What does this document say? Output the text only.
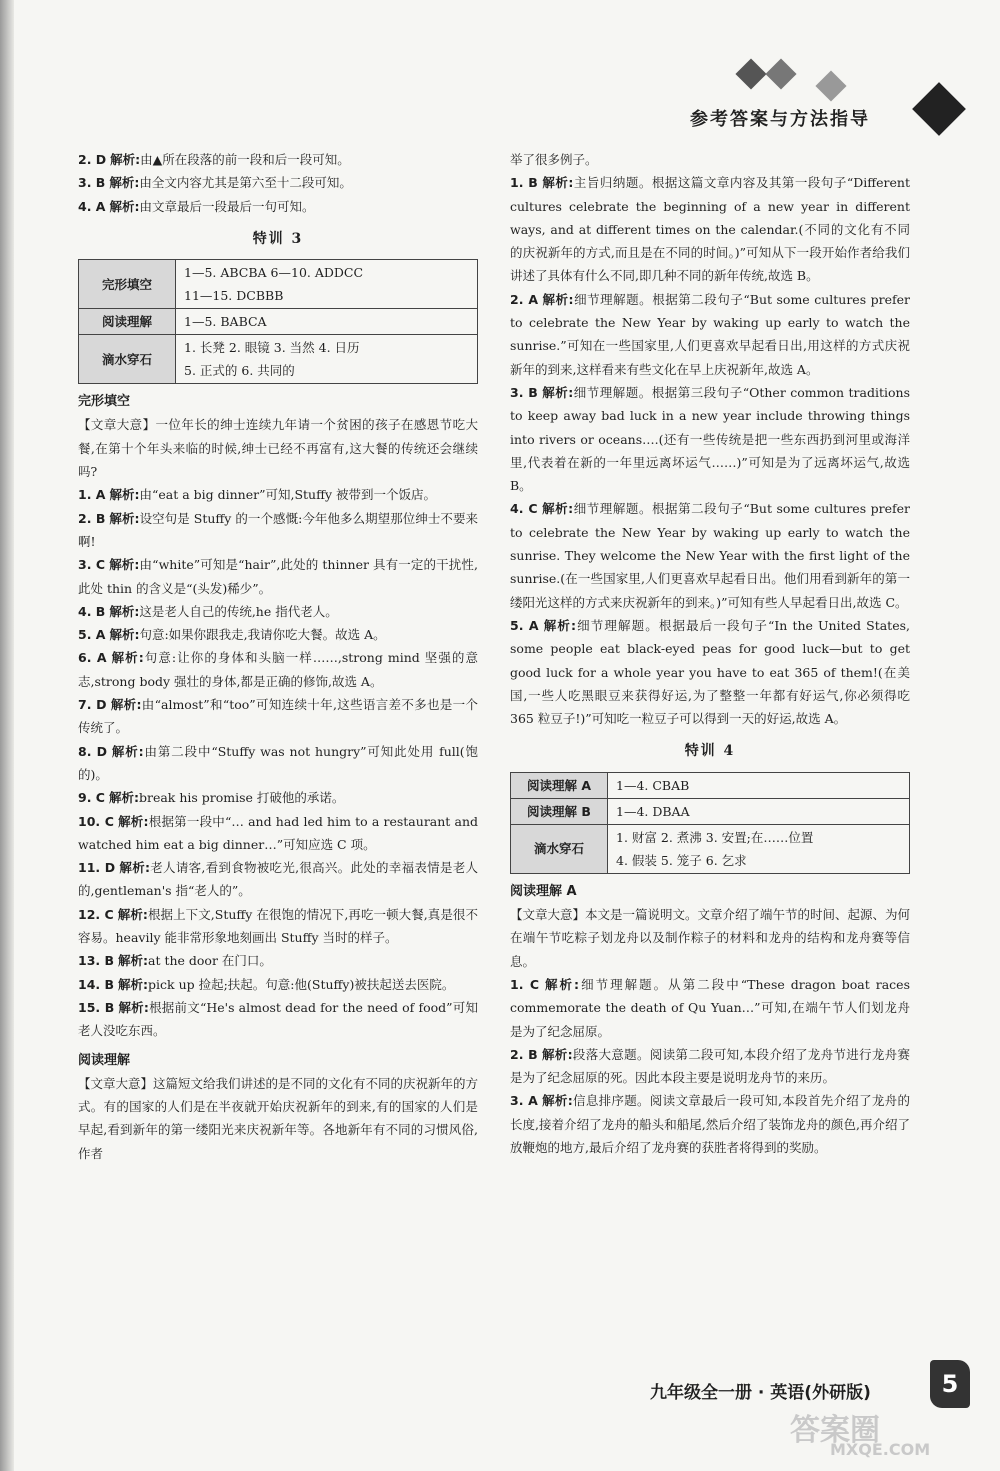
参考答案与方法指导
2. D 解析:由▲所在段落的前一段和后一段可知。
3. B 解析:由全文内容尤其是第六至十二段可知。
4. A 解析:由文章最后一段最后一句可知。
特训 3
完形填空	1—5. ABCBA 6—10. ADDCC
11—15. DCBBB
阅读理解	1—5. BABCA
滴水穿石	1. 长凳 2. 眼镜 3. 当然 4. 日历
5. 正式的 6. 共同的
完形填空
【文章大意】一位年长的绅士连续九年请一个贫困的孩子在感恩节吃大餐,在第十个年头来临的时候,绅士已经不再富有,这大餐的传统还会继续吗?
1. A 解析:由“eat a big dinner”可知,Stuffy 被带到一个饭店。
2. B 解析:设空句是 Stuffy 的一个感慨:今年他多么期望那位绅士不要来啊!
3. C 解析:由“white”可知是“hair”,此处的 thinner 具有一定的干扰性,此处 thin 的含义是“(头发)稀少”。
4. B 解析:这是老人自己的传统,he 指代老人。
5. A 解析:句意:如果你跟我走,我请你吃大餐。故选 A。
6. A 解析:句意:让你的身体和头脑一样……,strong mind 坚强的意志,strong body 强壮的身体,都是正确的修饰,故选 A。
7. D 解析:由“almost”和“too”可知连续十年,这些语言差不多也是一个传统了。
8. D 解析:由第二段中“Stuffy was not hungry”可知此处用 full(饱的)。
9. C 解析:break his promise 打破他的承诺。
10. C 解析:根据第一段中“… and had led him to a restaurant and watched him eat a big dinner…”可知应选 C 项。
11. D 解析:老人请客,看到食物被吃光,很高兴。此处的幸福表情是老人的,gentleman's 指“老人的”。
12. C 解析:根据上下文,Stuffy 在很饱的情况下,再吃一顿大餐,真是很不容易。heavily 能非常形象地刻画出 Stuffy 当时的样子。
13. B 解析:at the door 在门口。
14. B 解析:pick up 捡起;扶起。句意:他(Stuffy)被扶起送去医院。
15. B 解析:根据前文“He's almost dead for the need of food”可知老人没吃东西。
阅读理解
【文章大意】这篇短文给我们讲述的是不同的文化有不同的庆祝新年的方式。有的国家的人们是在半夜就开始庆祝新年的到来,有的国家的人们是早起,看到新年的第一缕阳光来庆祝新年等。各地新年有不同的习惯风俗,作者
举了很多例子。
1. B 解析:主旨归纳题。根据这篇文章内容及其第一段句子“Different cultures celebrate the beginning of a new year in different ways, and at different times on the calendar.(不同的文化有不同的庆祝新年的方式,而且是在不同的时间。)”可知从下一段开始作者给我们讲述了具体有什么不同,即几种不同的新年传统,故选 B。
2. A 解析:细节理解题。根据第二段句子“But some cultures prefer to celebrate the New Year by waking up early to watch the sunrise.”可知在一些国家里,人们更喜欢早起看日出,用这样的方式庆祝新年的到来,这样看来有些文化在早上庆祝新年,故选 A。
3. B 解析:细节理解题。根据第三段句子“Other common traditions to keep away bad luck in a new year include throwing things into rivers or oceans….(还有一些传统是把一些东西扔到河里或海洋里,代表着在新的一年里远离坏运气……)”可知是为了远离坏运气,故选 B。
4. C 解析:细节理解题。根据第二段句子“But some cultures prefer to celebrate the New Year by waking up early to watch the sunrise. They welcome the New Year with the first light of the sunrise.(在一些国家里,人们更喜欢早起看日出。他们用看到新年的第一缕阳光这样的方式来庆祝新年的到来。)”可知有些人早起看日出,故选 C。
5. A 解析:细节理解题。根据最后一段句子“In the United States, some people eat black-eyed peas for good luck—but to get good luck for a whole year you have to eat 365 of them!(在美国,一些人吃黑眼豆来获得好运,为了整整一年都有好运气,你必须得吃 365 粒豆子!)”可知吃一粒豆子可以得到一天的好运,故选 A。
特训 4
阅读理解 A	1—4. CBAB
阅读理解 B	1—4. DBAA
滴水穿石	1. 财富 2. 煮沸 3. 安置;在……位置
4. 假装 5. 笼子 6. 乞求
阅读理解 A
【文章大意】本文是一篇说明文。文章介绍了端午节的时间、起源、为何在端午节吃粽子划龙舟以及制作粽子的材料和龙舟的结构和龙舟赛等信息。
1. C 解析:细节理解题。从第二段中“These dragon boat races commemorate the death of Qu Yuan…”可知,在端午节人们划龙舟是为了纪念屈原。
2. B 解析:段落大意题。阅读第二段可知,本段介绍了龙舟节进行龙舟赛是为了纪念屈原的死。因此本段主要是说明龙舟节的来历。
3. A 解析:信息排序题。阅读文章最后一段可知,本段首先介绍了龙舟的长度,接着介绍了龙舟的船头和船尾,然后介绍了装饰龙舟的颜色,再介绍了放鞭炮的地方,最后介绍了龙舟赛的获胜者将得到的奖励。
九年级全一册 · 英语(外研版)	5
答案圈
MXQE.COM
